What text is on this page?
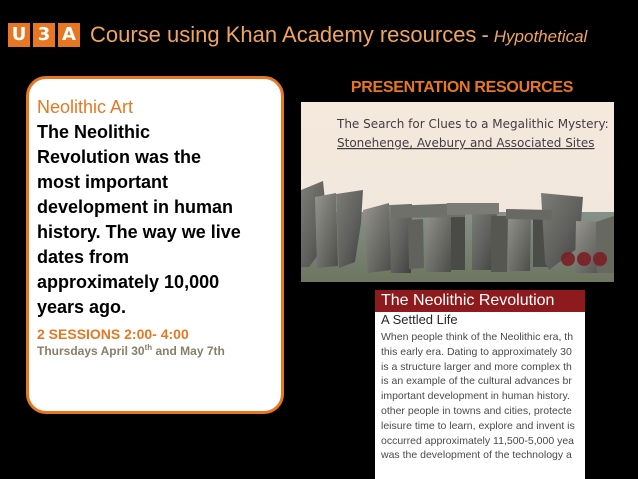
U 3 A Course using Khan Academy resources - Hypothetical
Neolithic Art
The Neolithic
Revolution was the
most important
development in human
history. The way we live
dates from
approximately 10,000
years ago.
2 SESSIONS 2:00- 4:00
Thursdays April 30th and May 7th
PRESENTATION RESOURCES
The Search for Clues to a Megalithic Mystery:
Stonehenge, Avebury and Associated Sites
The Neolithic Revolution
A Settled Life
When people think of the Neolithic era, th
this early era. Dating to approximately 30
is a structure larger and more complex th
is an example of the cultural advances br
important development in human history.
other people in towns and cities, protecte
leisure time to learn, explore and invent is
occurred approximately 11,500-5,000 yea
was the development of the technology a
